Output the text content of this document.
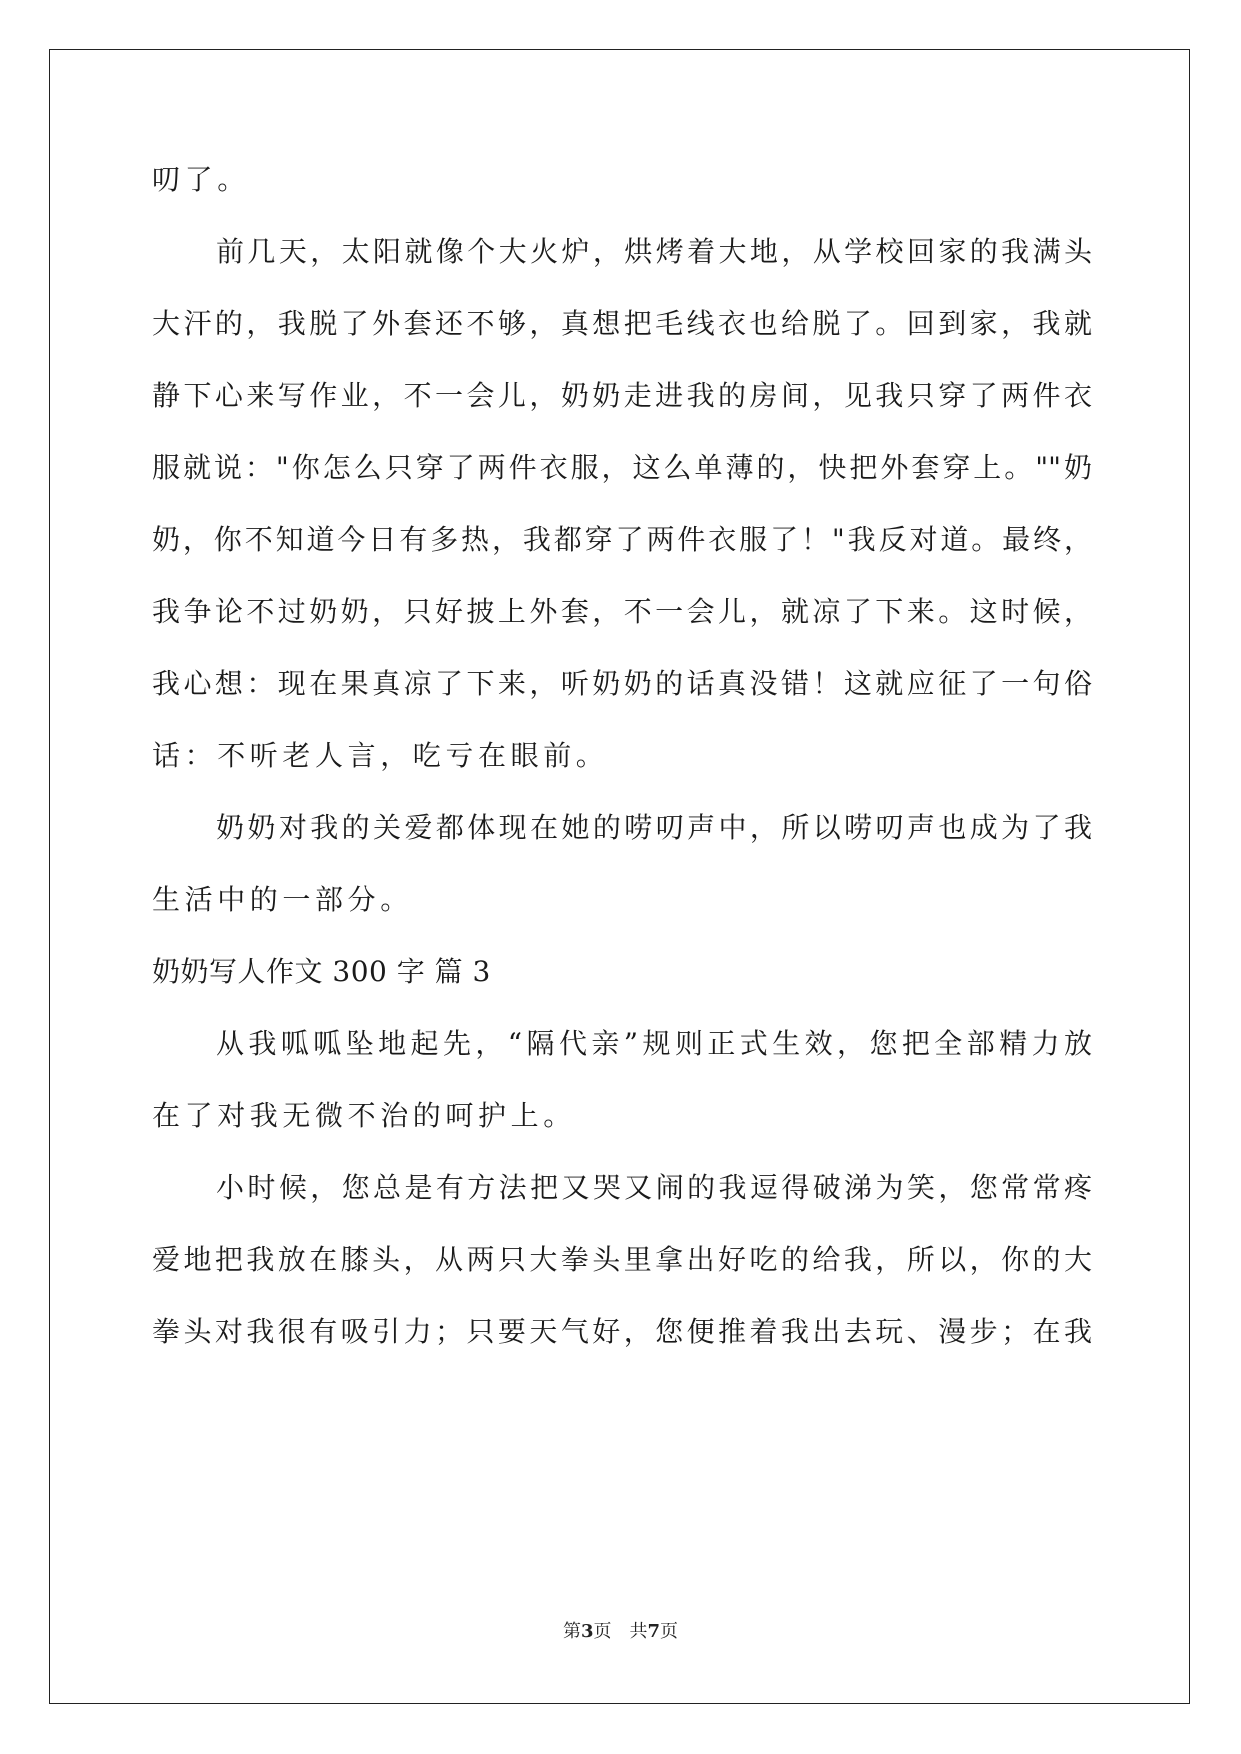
叨了。
前几天，太阳就像个大火炉，烘烤着大地，从学校回家的我满头
大汗的，我脱了外套还不够，真想把毛线衣也给脱了。回到家，我就
静下心来写作业，不一会儿，奶奶走进我的房间，见我只穿了两件衣
服就说："你怎么只穿了两件衣服，这么单薄的，快把外套穿上。""奶
奶，你不知道今日有多热，我都穿了两件衣服了！"我反对道。最终，
我争论不过奶奶，只好披上外套，不一会儿，就凉了下来。这时候，
我心想：现在果真凉了下来，听奶奶的话真没错！这就应征了一句俗
话：不听老人言，吃亏在眼前。
奶奶对我的关爱都体现在她的唠叨声中，所以唠叨声也成为了我
生活中的一部分。
奶奶写人作文 300 字 篇 3
从我呱呱坠地起先，“隔代亲”规则正式生效，您把全部精力放
在了对我无微不治的呵护上。
小时候，您总是有方法把又哭又闹的我逗得破涕为笑，您常常疼
爱地把我放在膝头，从两只大拳头里拿出好吃的给我，所以，你的大
拳头对我很有吸引力；只要天气好，您便推着我出去玩、漫步；在我
第3页 共7页
